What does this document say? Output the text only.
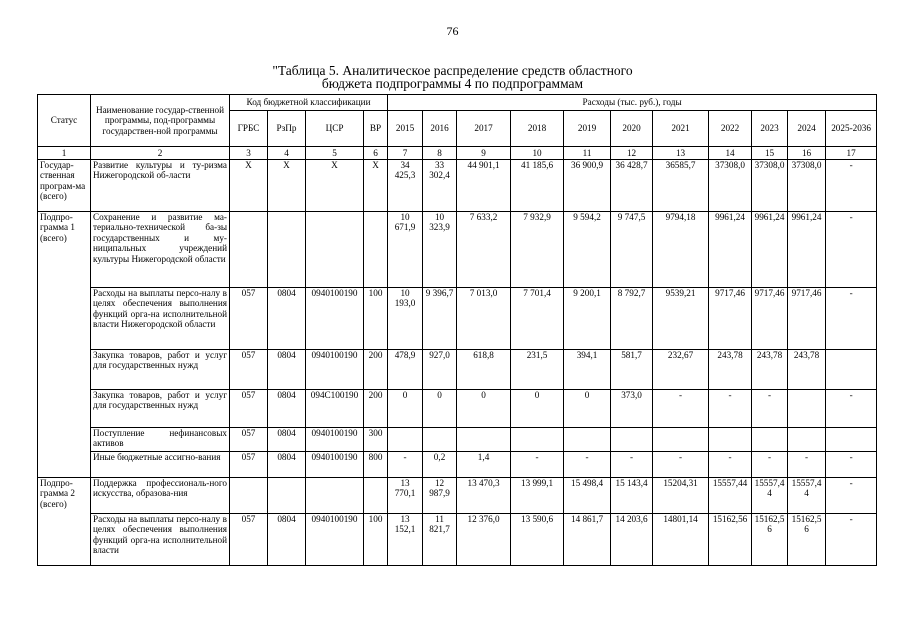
76
"Таблица 5. Аналитическое распределение средств областного
бюджета подпрограммы 4 по подпрограммам
Статус	Наименование государ-ственной программы, под-программы государствен-ной программы	Код бюджетной классификации				Расходы (тыс. руб.), годы										
		ГРБС	РзПр	ЦСР	ВР	2015	2016	2017	2018	2019	2020	2021	2022	2023	2024	2025-2036
1	2	3	4	5	6	7	8	9	10	11	12	13	14	15	16	17
Государ-ственная програм-ма (всего)	Развитие культуры и ту-ризма Нижегородской об-ласти	X	X	X	X	34 425,3	33 302,4	44 901,1	41 185,6	36 900,9	36 428,7	36585,7	37308,0	37308,0	37308,0	-
Подпро-грамма 1 (всего)	Сохранение и развитие ма-териально-технической ба-зы государственных и му-ниципальных учреждений культуры Нижегородской области					10 671,9	10 323,9	7 633,2	7 932,9	9 594,2	9 747,5	9794,18	9961,24	9961,24	9961,24	-
	Расходы на выплаты персо-налу в целях обеспечения выполнения функций орга-на исполнительной власти Нижегородской области	057	0804	0940100190	100	10 193,0	9 396,7	7 013,0	7 701,4	9 200,1	8 792,7	9539,21	9717,46	9717,46	9717,46	-
	Закупка товаров, работ и услуг для государственных нужд	057	0804	0940100190	200	478,9	927,0	618,8	231,5	394,1	581,7	232,67	243,78	243,78	243,78	
	Закупка товаров, работ и услуг для государственных нужд	057	0804	094С100190	200	0	0	0	0	0	373,0	-	-	-		-
	Поступление нефинансовых активов	057	0804	0940100190	300											
	Иные бюджетные ассигно-вания	057	0804	0940100190	800	-	0,2	1,4	-	-	-	-	-	-	-	-
Подпро-грамма 2 (всего)	Поддержка профессиональ-ного искусства, образова-ния					13 770,1	12 987,9	13 470,3	13 999,1	15 498,4	15 143,4	15204,31	15557,44	15557,44	15557,44	-
	Расходы на выплаты персо-налу в целях обеспечения выполнения функций орга-на исполнительной власти	057	0804	0940100190	100	13 152,1	11 821,7	12 376,0	13 590,6	14 861,7	14 203,6	14801,14	15162,56	15162,56	15162,56	-
